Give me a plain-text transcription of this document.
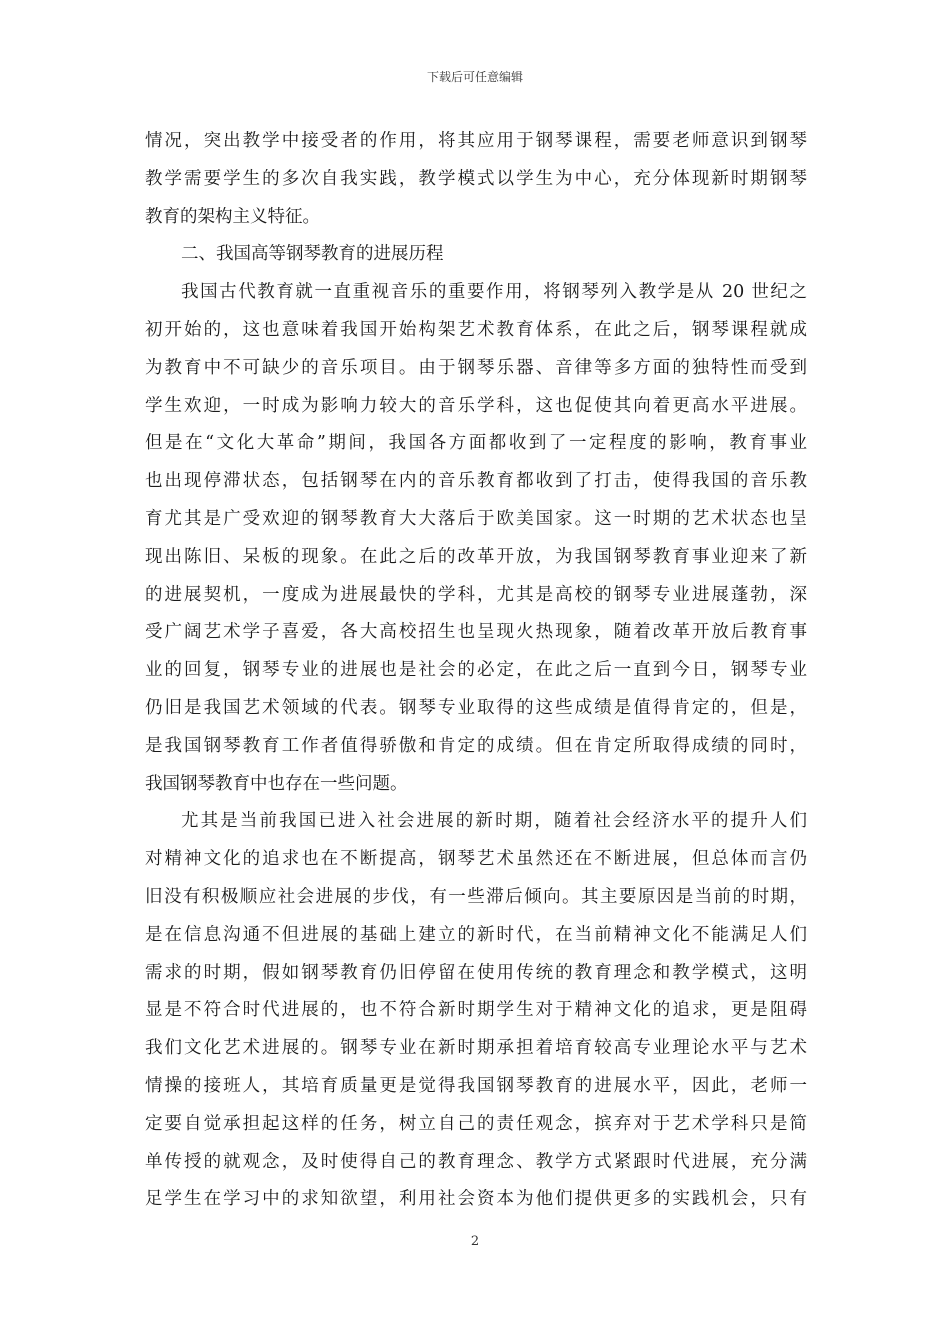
下载后可任意编辑
情况，突出教学中接受者的作用，将其应用于钢琴课程，需要老师意识到钢琴
教学需要学生的多次自我实践，教学模式以学生为中心，充分体现新时期钢琴
教育的架构主义特征。
二、我国高等钢琴教育的进展历程
我国古代教育就一直重视音乐的重要作用，将钢琴列入教学是从 20 世纪之
初开始的，这也意味着我国开始构架艺术教育体系，在此之后，钢琴课程就成
为教育中不可缺少的音乐项目。由于钢琴乐器、音律等多方面的独特性而受到
学生欢迎，一时成为影响力较大的音乐学科，这也促使其向着更高水平进展。
但是在“文化大革命”期间，我国各方面都收到了一定程度的影响，教育事业
也出现停滞状态，包括钢琴在内的音乐教育都收到了打击，使得我国的音乐教
育尤其是广受欢迎的钢琴教育大大落后于欧美国家。这一时期的艺术状态也呈
现出陈旧、呆板的现象。在此之后的改革开放，为我国钢琴教育事业迎来了新
的进展契机，一度成为进展最快的学科，尤其是高校的钢琴专业进展蓬勃，深
受广阔艺术学子喜爱，各大高校招生也呈现火热现象，随着改革开放后教育事
业的回复，钢琴专业的进展也是社会的必定，在此之后一直到今日，钢琴专业
仍旧是我国艺术领域的代表。钢琴专业取得的这些成绩是值得肯定的，但是，
是我国钢琴教育工作者值得骄傲和肯定的成绩。但在肯定所取得成绩的同时，
我国钢琴教育中也存在一些问题。
尤其是当前我国已进入社会进展的新时期，随着社会经济水平的提升人们
对精神文化的追求也在不断提高，钢琴艺术虽然还在不断进展，但总体而言仍
旧没有积极顺应社会进展的步伐，有一些滞后倾向。其主要原因是当前的时期，
是在信息沟通不但进展的基础上建立的新时代，在当前精神文化不能满足人们
需求的时期，假如钢琴教育仍旧停留在使用传统的教育理念和教学模式，这明
显是不符合时代进展的，也不符合新时期学生对于精神文化的追求，更是阻碍
我们文化艺术进展的。钢琴专业在新时期承担着培育较高专业理论水平与艺术
情操的接班人，其培育质量更是觉得我国钢琴教育的进展水平，因此，老师一
定要自觉承担起这样的任务，树立自己的责任观念，摈弃对于艺术学科只是简
单传授的就观念，及时使得自己的教育理念、教学方式紧跟时代进展，充分满
足学生在学习中的求知欲望，利用社会资本为他们提供更多的实践机会，只有
2
